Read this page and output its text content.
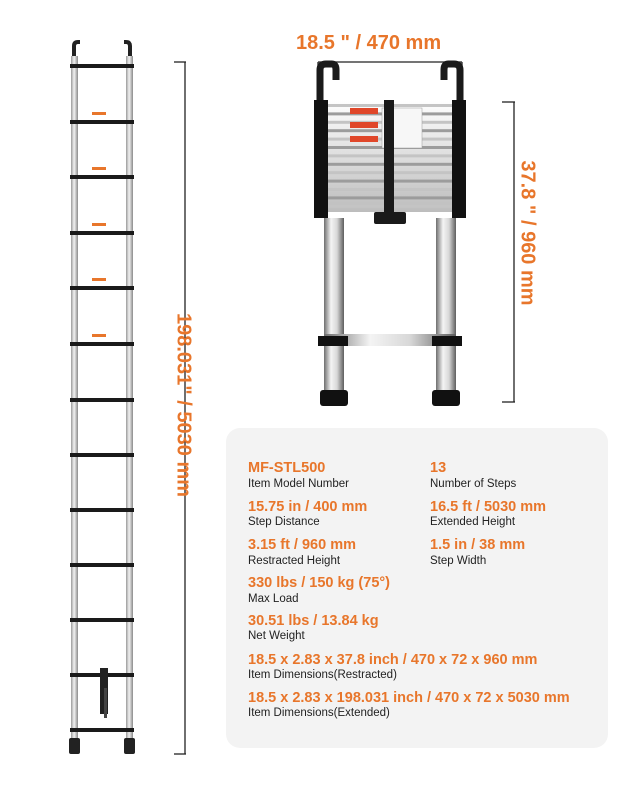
198.031" / 5030 mm
18.5 " / 470 mm
37.8 " / 960 mm
MF-STL500
Item Model Number
13
Number of Steps
15.75 in / 400 mm
Step Distance
16.5 ft / 5030 mm
Extended Height
3.15 ft / 960 mm
Restracted Height
1.5 in / 38 mm
Step Width
330 lbs / 150 kg (75°)
Max Load
30.51 lbs / 13.84 kg
Net Weight
18.5 x 2.83 x 37.8 inch / 470 x 72 x 960 mm
Item Dimensions(Restracted)
18.5 x 2.83 x 198.031 inch / 470 x 72 x 5030 mm
Item Dimensions(Extended)
